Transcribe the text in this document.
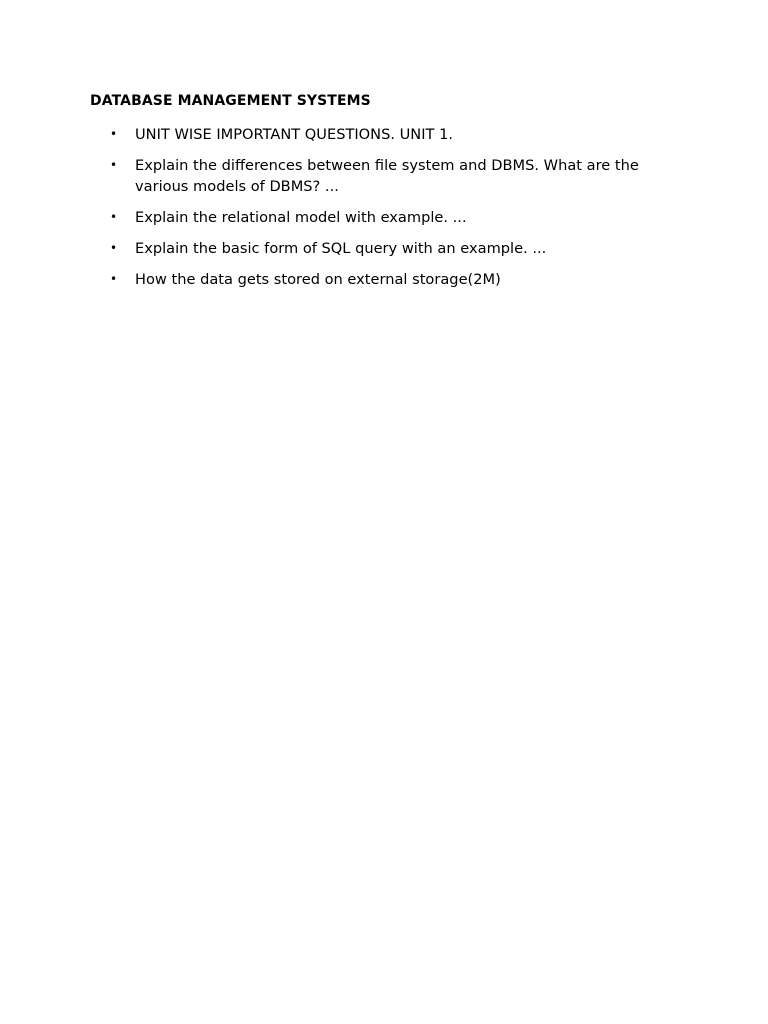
DATABASE MANAGEMENT SYSTEMS
• UNIT WISE IMPORTANT QUESTIONS. UNIT 1.
• Explain the differences between file system and DBMS. What are the various models of DBMS? ...
• Explain the relational model with example. ...
• Explain the basic form of SQL query with an example. ...
• How the data gets stored on external storage(2M)
